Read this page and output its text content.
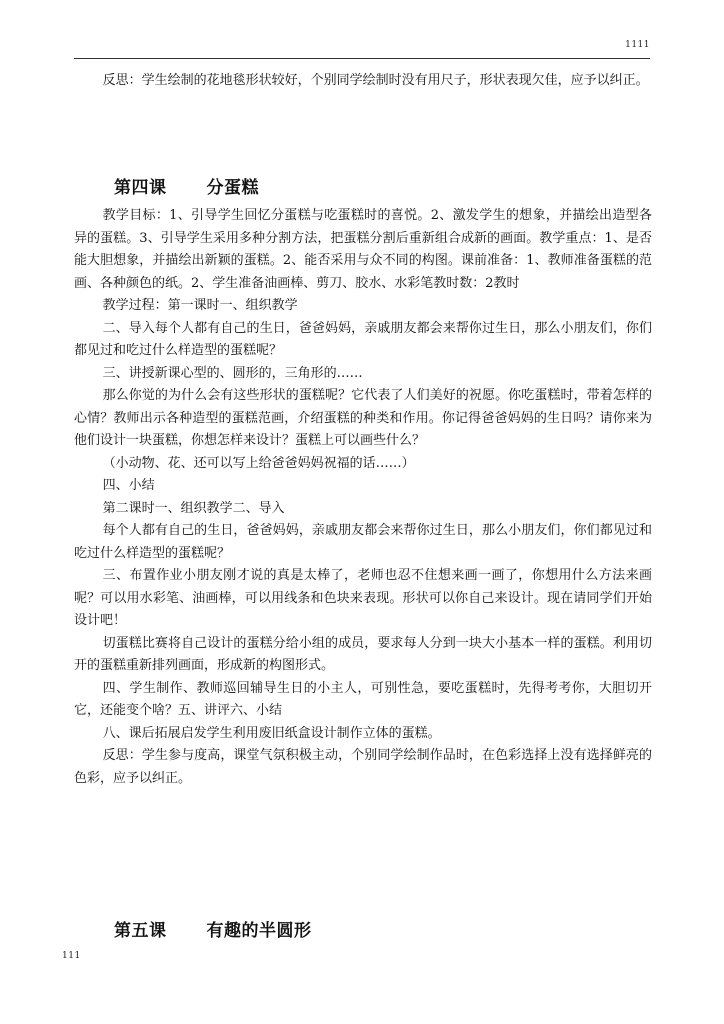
1111

反思：学生绘制的花地毯形状较好，个别同学绘制时没有用尺子，形状表现欠佳，应予以纠正。

第四课 分蛋糕

教学目标：1、引导学生回忆分蛋糕与吃蛋糕时的喜悦。2、激发学生的想象，并描绘出造型各异的蛋糕。3、引导学生采用多种分割方法，把蛋糕分割后重新组合成新的画面。教学重点：1、是否能大胆想象，并描绘出新颖的蛋糕。2、能否采用与众不同的构图。课前准备：1、教师准备蛋糕的范画、各种颜色的纸。2、学生准备油画棒、剪刀、胶水、水彩笔教时数：2教时

教学过程：第一课时一、组织教学

二、导入每个人都有自己的生日，爸爸妈妈，亲戚朋友都会来帮你过生日，那么小朋友们，你们都见过和吃过什么样造型的蛋糕呢？

三、讲授新课心型的、圆形的，三角形的……

那么你觉的为什么会有这些形状的蛋糕呢？它代表了人们美好的祝愿。你吃蛋糕时，带着怎样的心情？教师出示各种造型的蛋糕范画，介绍蛋糕的种类和作用。你记得爸爸妈妈的生日吗？请你来为他们设计一块蛋糕，你想怎样来设计？蛋糕上可以画些什么？

（小动物、花、还可以写上给爸爸妈妈祝福的话……）

四、小结

第二课时一、组织教学二、导入

每个人都有自己的生日，爸爸妈妈，亲戚朋友都会来帮你过生日，那么小朋友们，你们都见过和吃过什么样造型的蛋糕呢？

三、布置作业小朋友刚才说的真是太棒了，老师也忍不住想来画一画了，你想用什么方法来画呢？可以用水彩笔、油画棒，可以用线条和色块来表现。形状可以你自己来设计。现在请同学们开始设计吧！

切蛋糕比赛将自己设计的蛋糕分给小组的成员，要求每人分到一块大小基本一样的蛋糕。利用切开的蛋糕重新排列画面，形成新的构图形式。

四、学生制作、教师巡回辅导生日的小主人，可别性急，要吃蛋糕时，先得考考你，大胆切开它，还能变个啥？五、讲评六、小结

八、课后拓展启发学生利用废旧纸盒设计制作立体的蛋糕。

反思：学生参与度高，课堂气氛积极主动，个别同学绘制作品时，在色彩选择上没有选择鲜亮的色彩，应予以纠正。

第五课 有趣的半圆形
111
